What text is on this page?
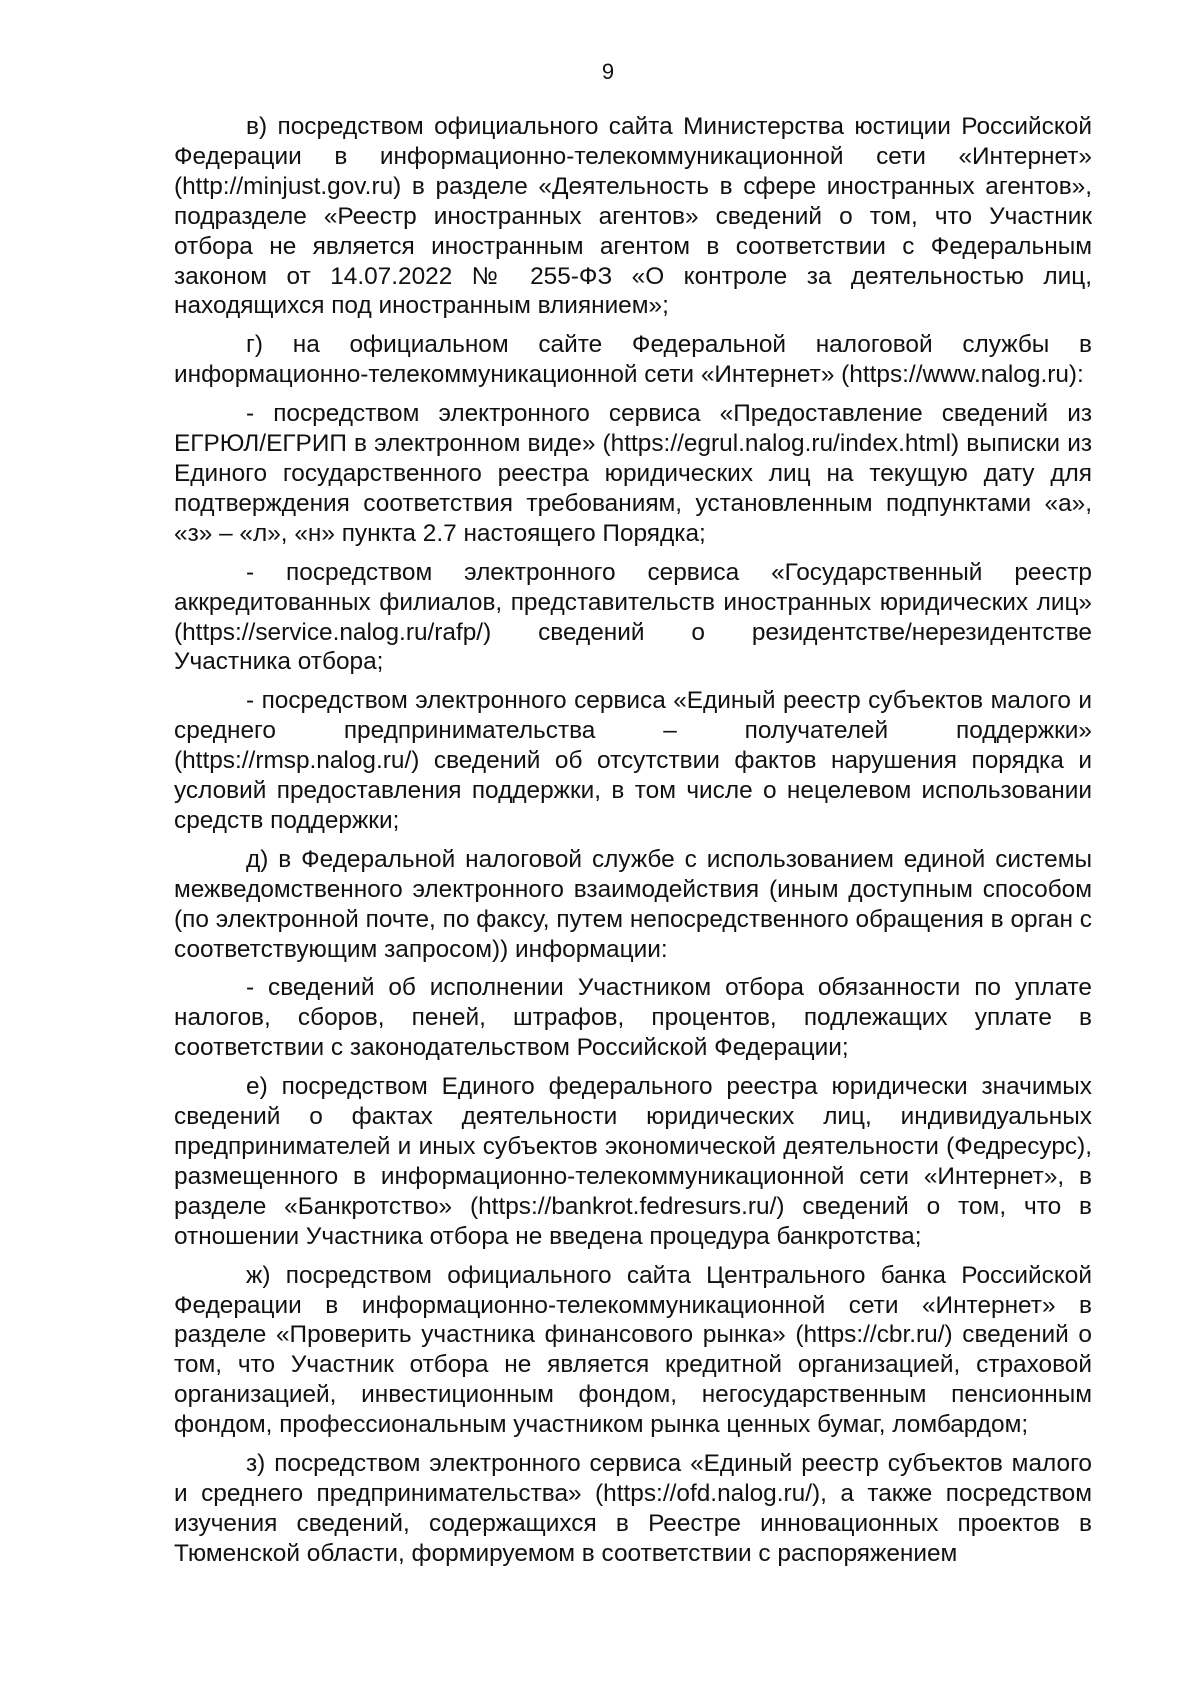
9

в) посредством официального сайта Министерства юстиции Российской Федерации в информационно-телекоммуникационной сети «Интернет» (http://minjust.gov.ru) в разделе «Деятельность в сфере иностранных агентов», подразделе «Реестр иностранных агентов» сведений о том, что Участник отбора не является иностранным агентом в соответствии с Федеральным законом от 14.07.2022 № 255-ФЗ «О контроле за деятельностью лиц, находящихся под иностранным влиянием»;

г) на официальном сайте Федеральной налоговой службы в информационно-телекоммуникационной сети «Интернет» (https://www.nalog.ru):

- посредством электронного сервиса «Предоставление сведений из ЕГРЮЛ/ЕГРИП в электронном виде» (https://egrul.nalog.ru/index.html) выписки из Единого государственного реестра юридических лиц на текущую дату для подтверждения соответствия требованиям, установленным подпунктами «а», «з» – «л», «н» пункта 2.7 настоящего Порядка;

- посредством электронного сервиса «Государственный реестр аккредитованных филиалов, представительств иностранных юридических лиц» (https://service.nalog.ru/rafp/) сведений о резидентстве/нерезидентстве Участника отбора;

- посредством электронного сервиса «Единый реестр субъектов малого и среднего предпринимательства – получателей поддержки» (https://rmsp.nalog.ru/) сведений об отсутствии фактов нарушения порядка и условий предоставления поддержки, в том числе о нецелевом использовании средств поддержки;

д) в Федеральной налоговой службе с использованием единой системы межведомственного электронного взаимодействия (иным доступным способом (по электронной почте, по факсу, путем непосредственного обращения в орган с соответствующим запросом)) информации:

- сведений об исполнении Участником отбора обязанности по уплате налогов, сборов, пеней, штрафов, процентов, подлежащих уплате в соответствии с законодательством Российской Федерации;

е) посредством Единого федерального реестра юридически значимых сведений о фактах деятельности юридических лиц, индивидуальных предпринимателей и иных субъектов экономической деятельности (Федресурс), размещенного в информационно-телекоммуникационной сети «Интернет», в разделе «Банкротство» (https://bankrot.fedresurs.ru/) сведений о том, что в отношении Участника отбора не введена процедура банкротства;

ж) посредством официального сайта Центрального банка Российской Федерации в информационно-телекоммуникационной сети «Интернет» в разделе «Проверить участника финансового рынка» (https://cbr.ru/) сведений о том, что Участник отбора не является кредитной организацией, страховой организацией, инвестиционным фондом, негосударственным пенсионным фондом, профессиональным участником рынка ценных бумаг, ломбардом;

з) посредством электронного сервиса «Единый реестр субъектов малого и среднего предпринимательства» (https://ofd.nalog.ru/), а также посредством изучения сведений, содержащихся в Реестре инновационных проектов в Тюменской области, формируемом в соответствии с распоряжением
